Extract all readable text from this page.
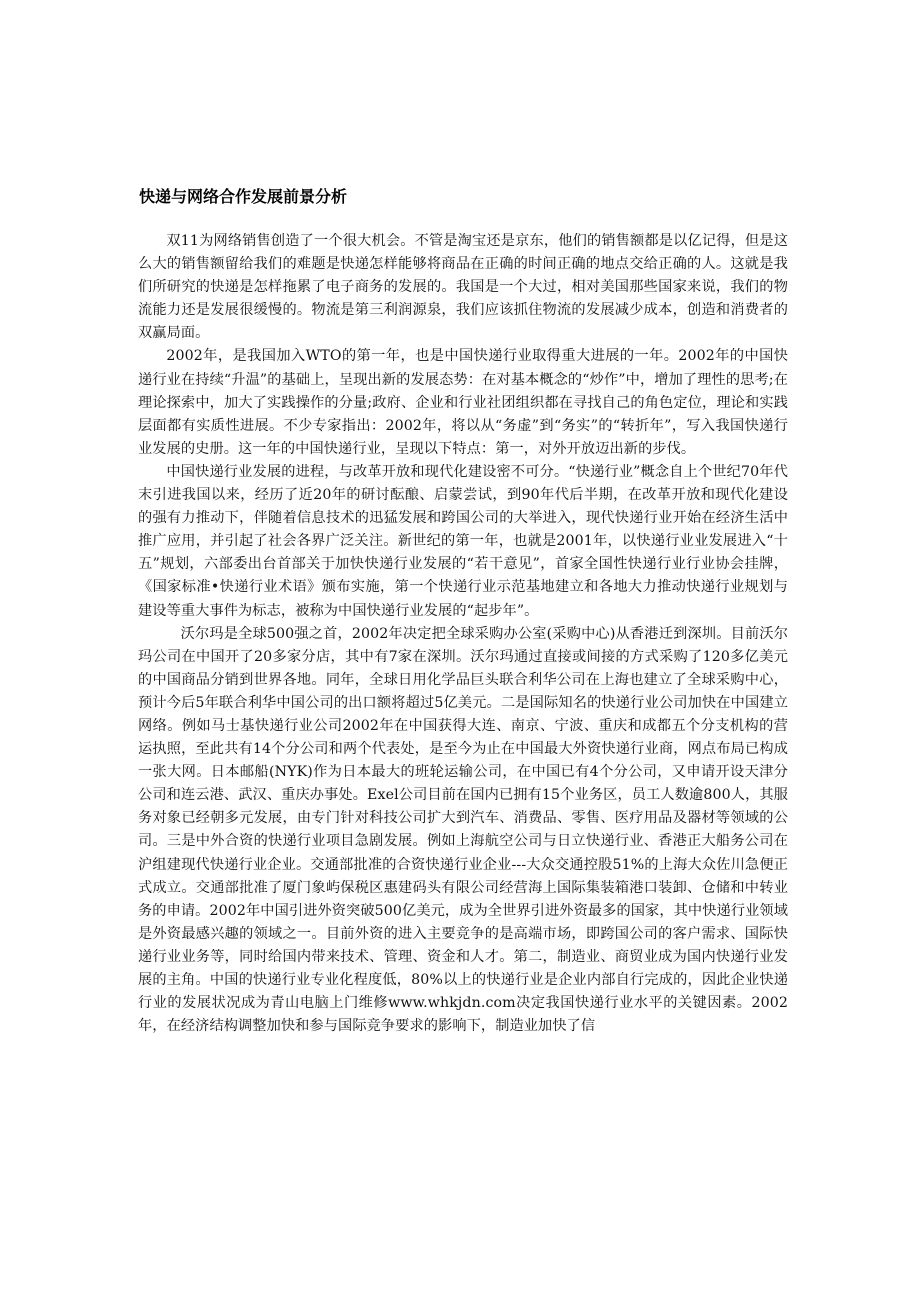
快递与网络合作发展前景分析

双11为网络销售创造了一个很大机会。不管是淘宝还是京东，他们的销售额都是以亿记得，但是这么大的销售额留给我们的难题是快递怎样能够将商品在正确的时间正确的地点交给正确的人。这就是我们所研究的快递是怎样拖累了电子商务的发展的。我国是一个大过，相对美国那些国家来说，我们的物流能力还是发展很缓慢的。物流是第三利润源泉，我们应该抓住物流的发展减少成本，创造和消费者的双赢局面。

2002年，是我国加入WTO的第一年，也是中国快递行业取得重大进展的一年。2002年的中国快递行业在持续“升温”的基础上，呈现出新的发展态势：在对基本概念的“炒作”中，增加了理性的思考;在理论探索中，加大了实践操作的分量;政府、企业和行业社团组织都在寻找自己的角色定位，理论和实践层面都有实质性进展。不少专家指出：2002年，将以从“务虚”到“务实”的“转折年”，写入我国快递行业发展的史册。这一年的中国快递行业，呈现以下特点：第一，对外开放迈出新的步伐。

中国快递行业发展的进程，与改革开放和现代化建设密不可分。“快递行业”概念自上个世纪70年代末引进我国以来，经历了近20年的研讨酝酿、启蒙尝试，到90年代后半期，在改革开放和现代化建设的强有力推动下，伴随着信息技术的迅猛发展和跨国公司的大举进入，现代快递行业开始在经济生活中推广应用，并引起了社会各界广泛关注。新世纪的第一年，也就是2001年，以快递行业业发展进入“十五”规划，六部委出台首部关于加快快递行业发展的“若干意见”，首家全国性快递行业行业协会挂牌，《国家标准•快递行业术语》颁布实施，第一个快递行业示范基地建立和各地大力推动快递行业规划与建设等重大事件为标志，被称为中国快递行业发展的“起步年”。

沃尔玛是全球500强之首，2002年决定把全球采购办公室(采购中心)从香港迁到深圳。目前沃尔玛公司在中国开了20多家分店，其中有7家在深圳。沃尔玛通过直接或间接的方式采购了120多亿美元的中国商品分销到世界各地。同年，全球日用化学品巨头联合利华公司在上海也建立了全球采购中心，预计今后5年联合利华中国公司的出口额将超过5亿美元。二是国际知名的快递行业公司加快在中国建立网络。例如马士基快递行业公司2002年在中国获得大连、南京、宁波、重庆和成都五个分支机构的营运执照，至此共有14个分公司和两个代表处，是至今为止在中国最大外资快递行业商，网点布局已构成一张大网。日本邮船(NYK)作为日本最大的班轮运输公司，在中国已有4个分公司，又申请开设天津分公司和连云港、武汉、重庆办事处。Exel公司目前在国内已拥有15个业务区，员工人数逾800人，其服务对象已经朝多元发展，由专门针对科技公司扩大到汽车、消费品、零售、医疗用品及器材等领域的公司。三是中外合资的快递行业项目急剧发展。例如上海航空公司与日立快递行业、香港正大船务公司在沪组建现代快递行业企业。交通部批准的合资快递行业企业---大众交通控股51%的上海大众佐川急便正式成立。交通部批准了厦门象屿保税区惠建码头有限公司经营海上国际集装箱港口装卸、仓储和中转业务的申请。2002年中国引进外资突破500亿美元，成为全世界引进外资最多的国家，其中快递行业领域是外资最感兴趣的领域之一。目前外资的进入主要竞争的是高端市场，即跨国公司的客户需求、国际快递行业业务等，同时给国内带来技术、管理、资金和人才。第二，制造业、商贸业成为国内快递行业发展的主角。中国的快递行业专业化程度低，80%以上的快递行业是企业内部自行完成的，因此企业快递行业的发展状况成为青山电脑上门维修www.whkjdn.com决定我国快递行业水平的关键因素。2002年，在经济结构调整加快和参与国际竞争要求的影响下，制造业加快了信
